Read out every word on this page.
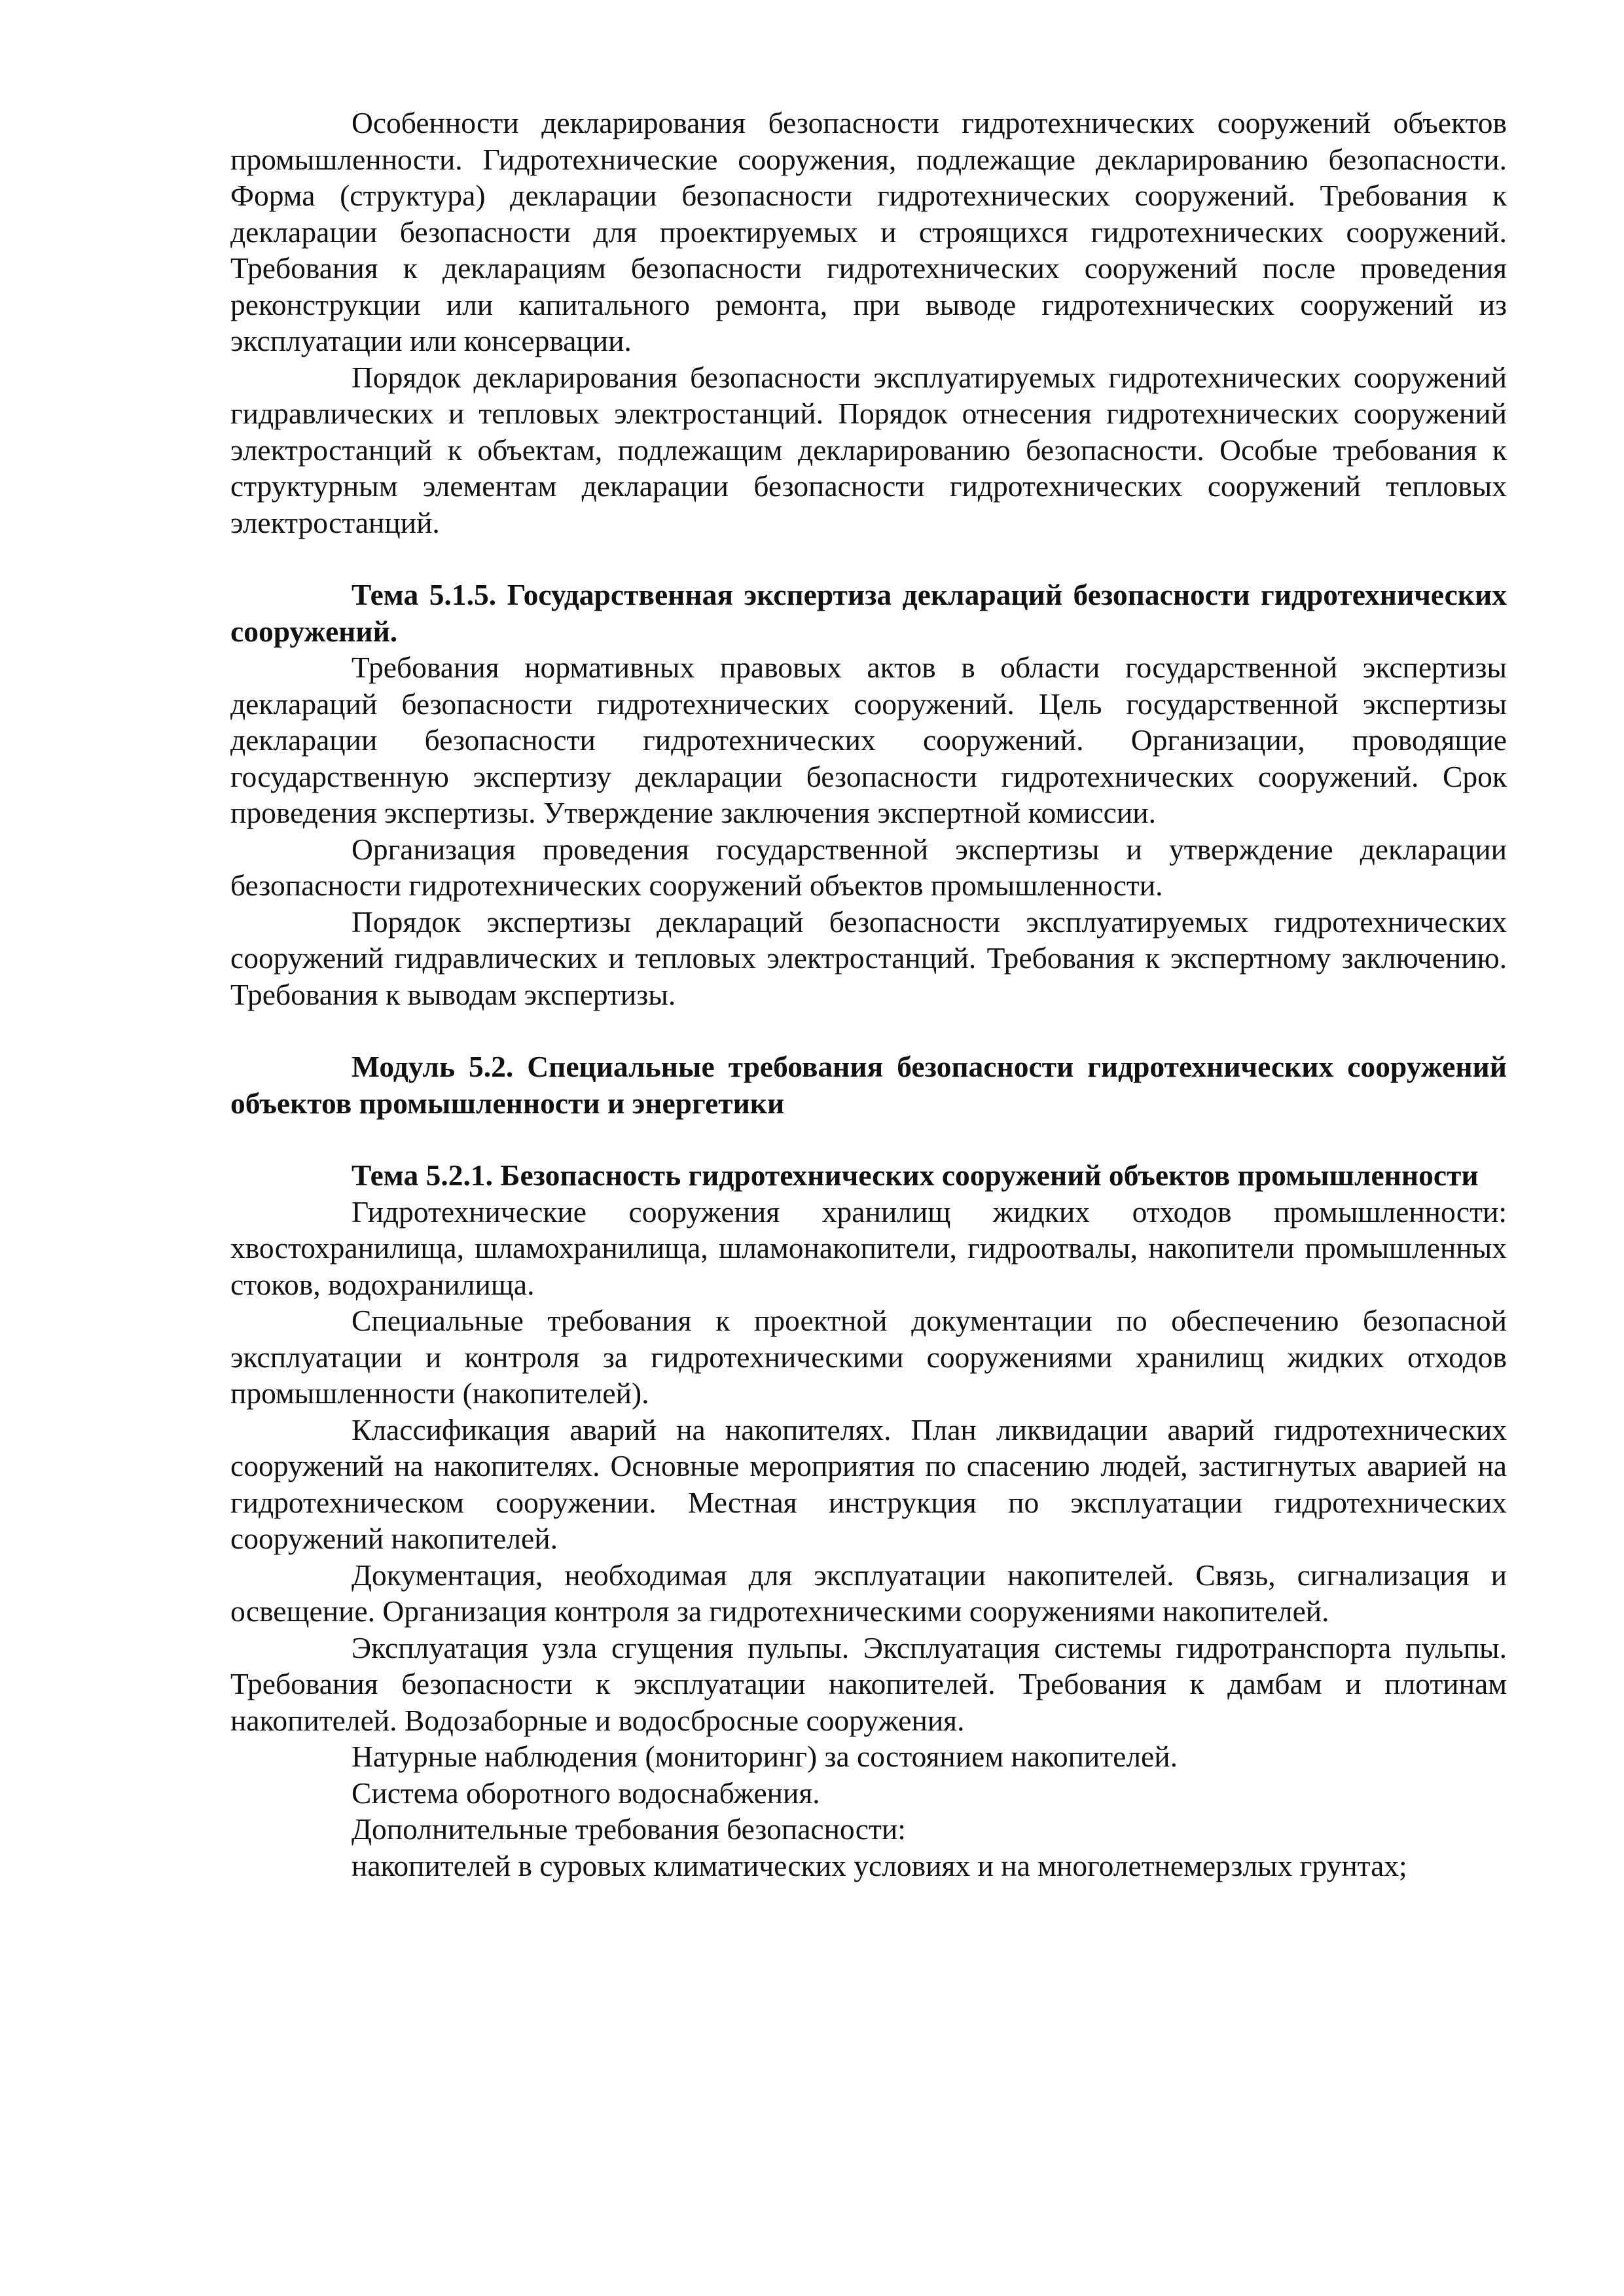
Особенности декларирования безопасности гидротехнических сооружений объектов промышленности. Гидротехнические сооружения, подлежащие декларированию безопасности. Форма (структура) декларации безопасности гидротехнических сооружений. Требования к декларации безопасности для проектируемых и строящихся гидротехнических сооружений. Требования к декларациям безопасности гидротехнических сооружений после проведения реконструкции или капитального ремонта, при выводе гидротехнических сооружений из эксплуатации или консервации.

Порядок декларирования безопасности эксплуатируемых гидротехнических сооружений гидравлических и тепловых электростанций. Порядок отнесения гидротехнических сооружений электростанций к объектам, подлежащим декларированию безопасности. Особые требования к структурным элементам декларации безопасности гидротехнических сооружений тепловых электростанций.

Тема 5.1.5. Государственная экспертиза деклараций безопасности гидротехнических сооружений.

Требования нормативных правовых актов в области государственной экспертизы деклараций безопасности гидротехнических сооружений. Цель государственной экспертизы декларации безопасности гидротехнических сооружений. Организации, проводящие государственную экспертизу декларации безопасности гидротехнических сооружений. Срок проведения экспертизы. Утверждение заключения экспертной комиссии.

Организация проведения государственной экспертизы и утверждение декларации безопасности гидротехнических сооружений объектов промышленности.

Порядок экспертизы деклараций безопасности эксплуатируемых гидротехнических сооружений гидравлических и тепловых электростанций. Требования к экспертному заключению. Требования к выводам экспертизы.

Модуль 5.2. Специальные требования безопасности гидротехнических сооружений объектов промышленности и энергетики
Тема 5.2.1. Безопасность гидротехнических сооружений объектов промышленности

Гидротехнические сооружения хранилищ жидких отходов промышленности: хвостохранилища, шламохранилища, шламонакопители, гидроотвалы, накопители промышленных стоков, водохранилища.

Специальные требования к проектной документации по обеспечению безопасной эксплуатации и контроля за гидротехническими сооружениями хранилищ жидких отходов промышленности (накопителей).

Классификация аварий на накопителях. План ликвидации аварий гидротехнических сооружений на накопителях. Основные мероприятия по спасению людей, застигнутых аварией на гидротехническом сооружении. Местная инструкция по эксплуатации гидротехнических сооружений накопителей.

Документация, необходимая для эксплуатации накопителей. Связь, сигнализация и освещение. Организация контроля за гидротехническими сооружениями накопителей.

Эксплуатация узла сгущения пульпы. Эксплуатация системы гидротранспорта пульпы. Требования безопасности к эксплуатации накопителей. Требования к дамбам и плотинам накопителей. Водозаборные и водосбросные сооружения.

Натурные наблюдения (мониторинг) за состоянием накопителей.

Система оборотного водоснабжения.

Дополнительные требования безопасности:

накопителей в суровых климатических условиях и на многолетнемерзлых грунтах;
